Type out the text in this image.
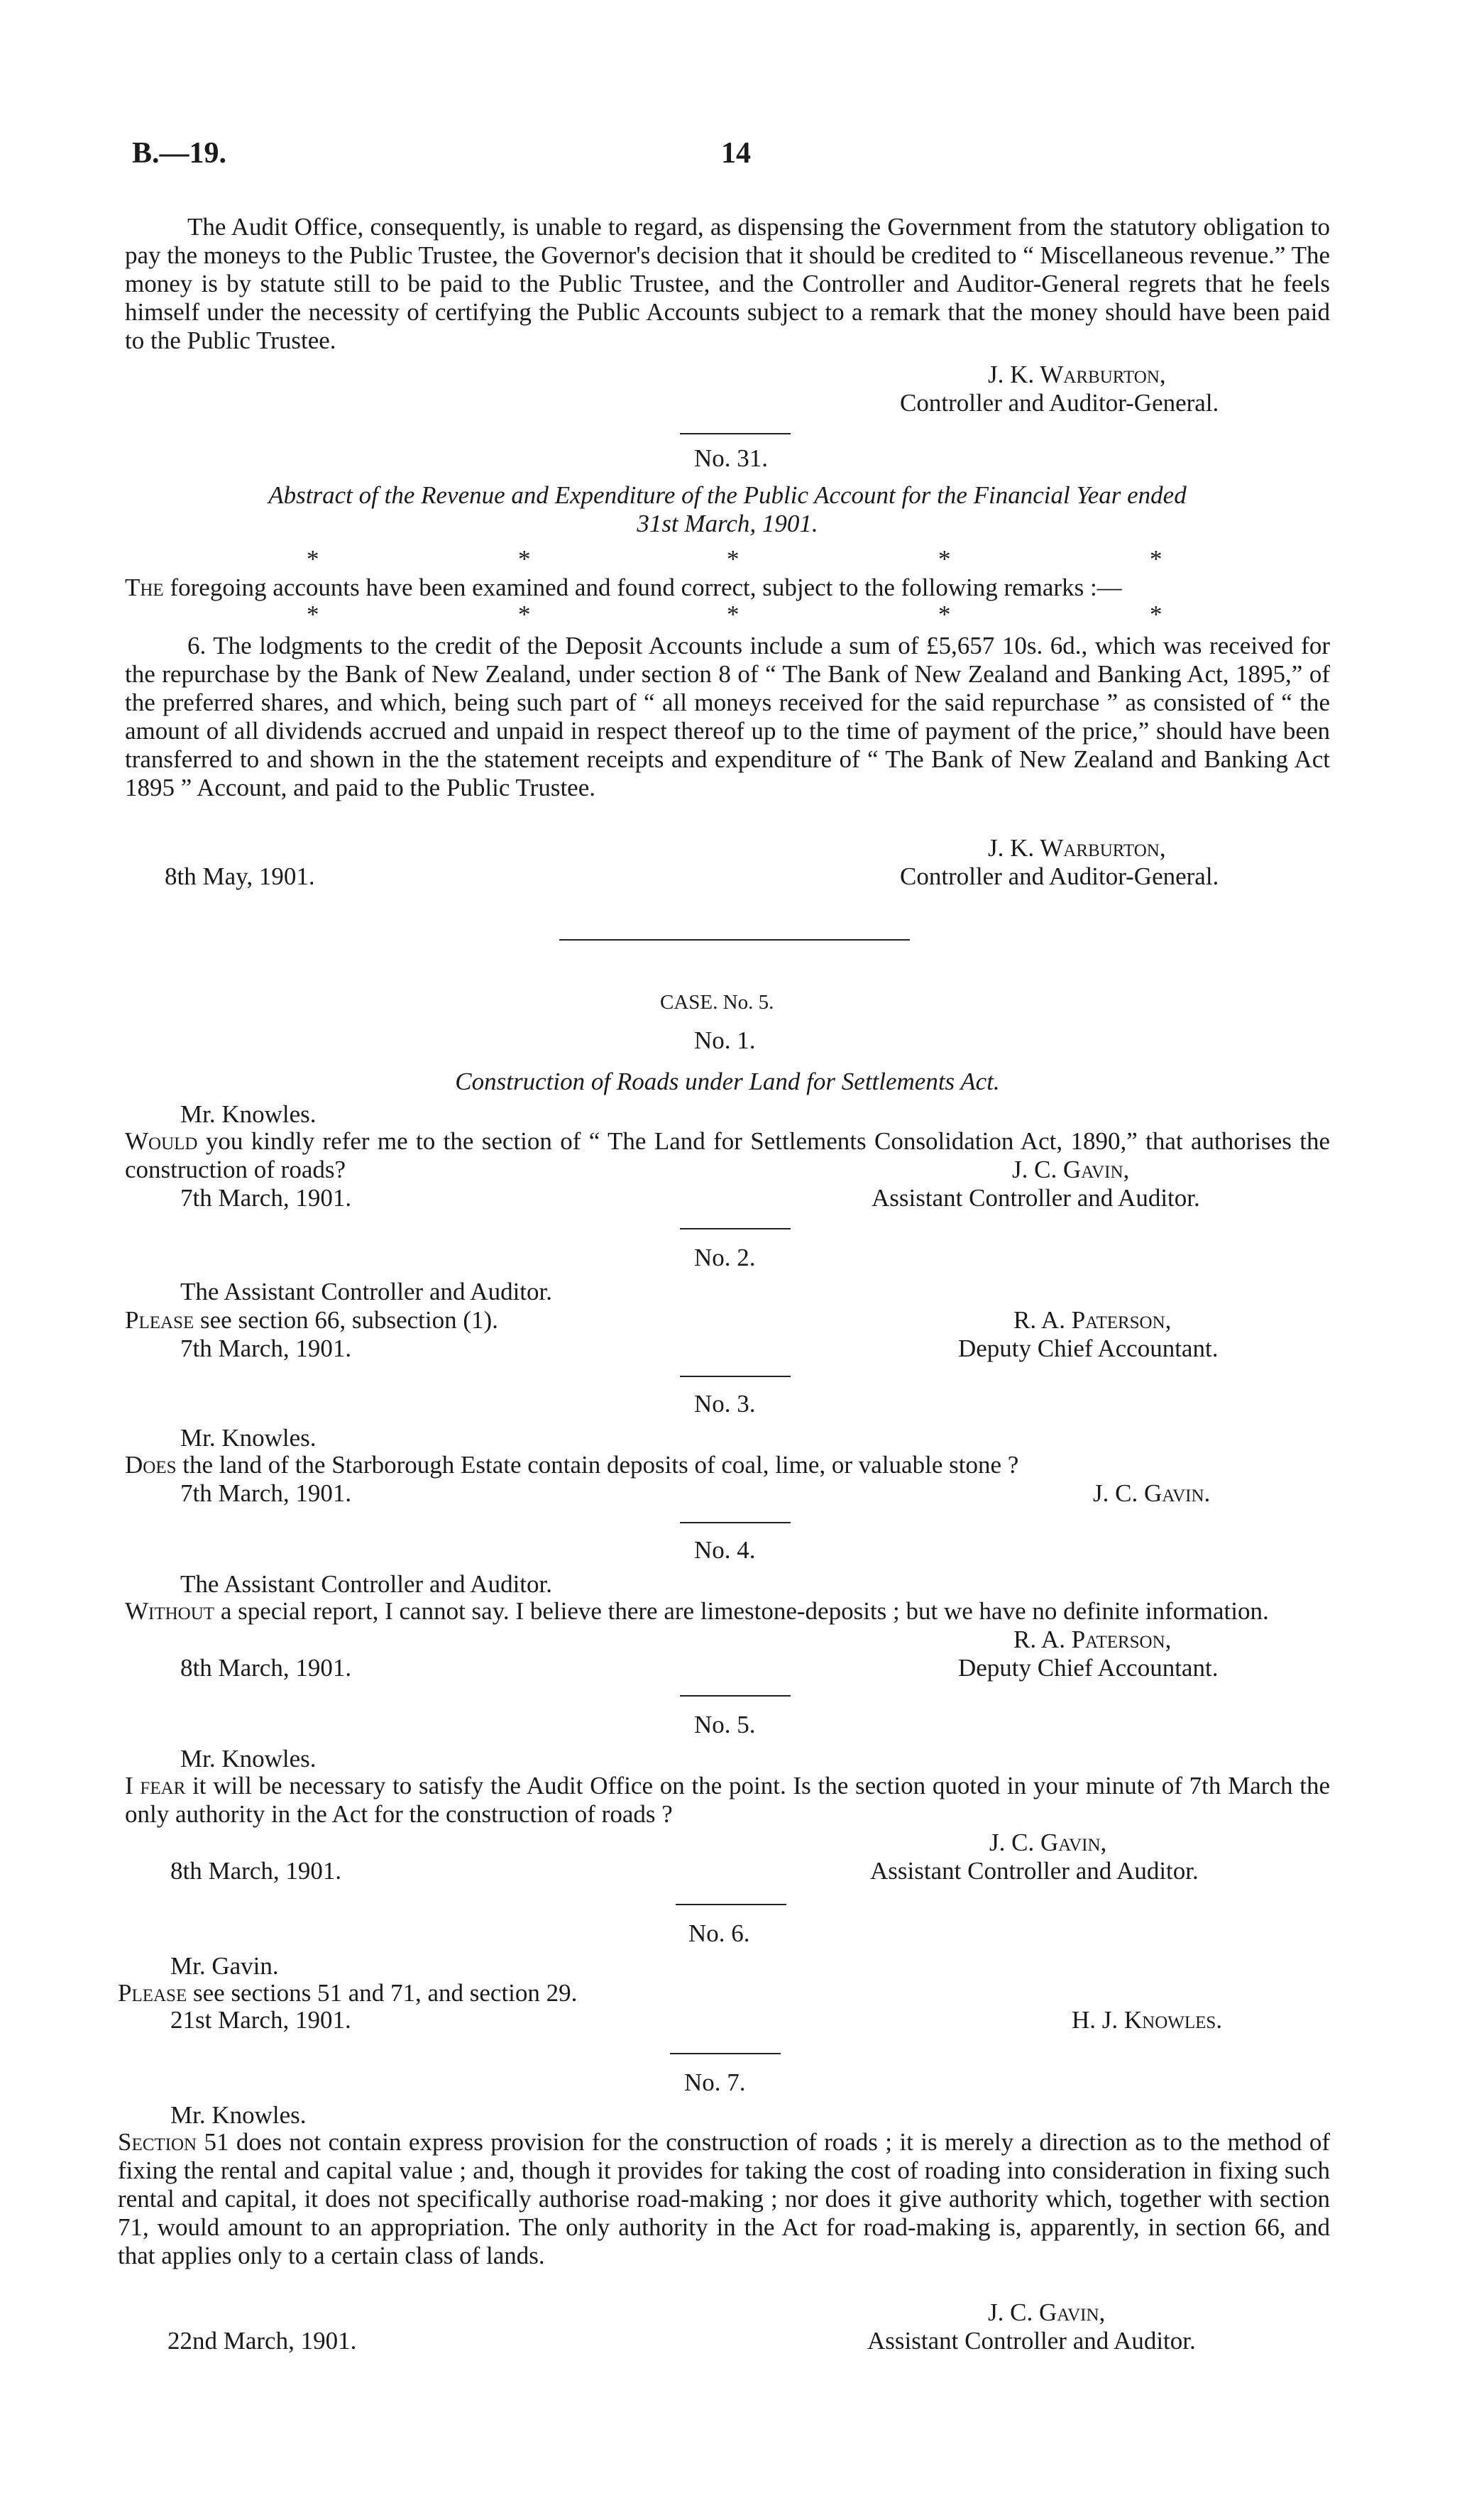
B.—19.	14

The Audit Office, consequently, is unable to regard, as dispensing the Government from the statutory obligation to pay the moneys to the Public Trustee, the Governor's decision that it should be credited to “ Miscellaneous revenue.” The money is by statute still to be paid to the Public Trustee, and the Controller and Auditor-General regrets that he feels himself under the necessity of certifying the Public Accounts subject to a remark that the money should have been paid to the Public Trustee.

J. K. Warburton,
Controller and Auditor-General.
No. 31.
Abstract of the Revenue and Expenditure of the Public Account for the Financial Year ended
31st March, 1901.
*	*	*	*	*
The foregoing accounts have been examined and found correct, subject to the following remarks :—
*	*	*	*	*

6. The lodgments to the credit of the Deposit Accounts include a sum of £5,657 10s. 6d., which was received for the repurchase by the Bank of New Zealand, under section 8 of “ The Bank of New Zealand and Banking Act, 1895,” of the preferred shares, and which, being such part of “ all moneys received for the said repurchase ” as consisted of “ the amount of all dividends accrued and unpaid in respect thereof up to the time of payment of the price,” should have been transferred to and shown in the the statement receipts and expenditure of “ The Bank of New Zealand and Banking Act 1895 ” Account, and paid to the Public Trustee.

J. K. Warburton,
8th May, 1901.	Controller and Auditor-General.
CASE. No. 5.
No. 1.
Construction of Roads under Land for Settlements Act.
Mr. Knowles.

Would you kindly refer me to the section of “ The Land for Settlements Consolidation Act, 1890,” that authorises the construction of roads?	J. C. Gavin,
7th March, 1901.	Assistant Controller and Auditor.
No. 2.
The Assistant Controller and Auditor.
Please see section 66, subsection (1).	R. A. Paterson,
7th March, 1901.	Deputy Chief Accountant.
No. 3.
Mr. Knowles.
Does the land of the Starborough Estate contain deposits of coal, lime, or valuable stone ?
7th March, 1901.	J. C. Gavin.
No. 4.
The Assistant Controller and Auditor.

Without a special report, I cannot say. I believe there are limestone-deposits ; but we have no definite information.

R. A. Paterson,
8th March, 1901.	Deputy Chief Accountant.
No. 5.
Mr. Knowles.

I fear it will be necessary to satisfy the Audit Office on the point. Is the section quoted in your minute of 7th March the only authority in the Act for the construction of roads ?

J. C. Gavin,
8th March, 1901.	Assistant Controller and Auditor.
No. 6.
Mr. Gavin.
Please see sections 51 and 71, and section 29.
21st March, 1901.	H. J. Knowles.
No. 7.
Mr. Knowles.

Section 51 does not contain express provision for the construction of roads ; it is merely a direction as to the method of fixing the rental and capital value ; and, though it provides for taking the cost of roading into consideration in fixing such rental and capital, it does not specifically authorise road-making ; nor does it give authority which, together with section 71, would amount to an appropriation. The only authority in the Act for road-making is, apparently, in section 66, and that applies only to a certain class of lands.

J. C. Gavin,
22nd March, 1901.	Assistant Controller and Auditor.
